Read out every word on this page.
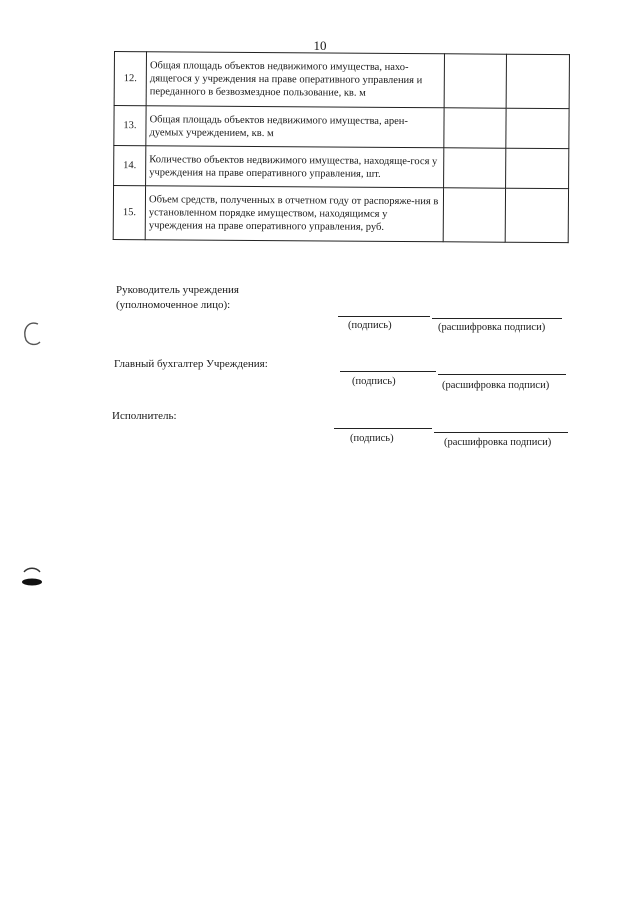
10
12.	Общая площадь объектов недвижимого имущества, нахо-дящегося у учреждения на праве оперативного управления и переданного в безвозмездное пользование, кв. м		
13.	Общая площадь объектов недвижимого имущества, арен-дуемых учреждением, кв. м		
14.	Количество объектов недвижимого имущества, находяще-гося у учреждения на праве оперативного управления, шт.		
15.	Объем средств, полученных в отчетном году от распоряже-ния в установленном порядке имуществом, находящимся у учреждения на праве оперативного управления, руб.		
Руководитель учреждения
(уполномоченное лицо):
(подпись)	(расшифровка подписи)
Главный бухгалтер Учреждения:
(подпись)	(расшифровка подписи)
Исполнитель:
(подпись)	(расшифровка подписи)
